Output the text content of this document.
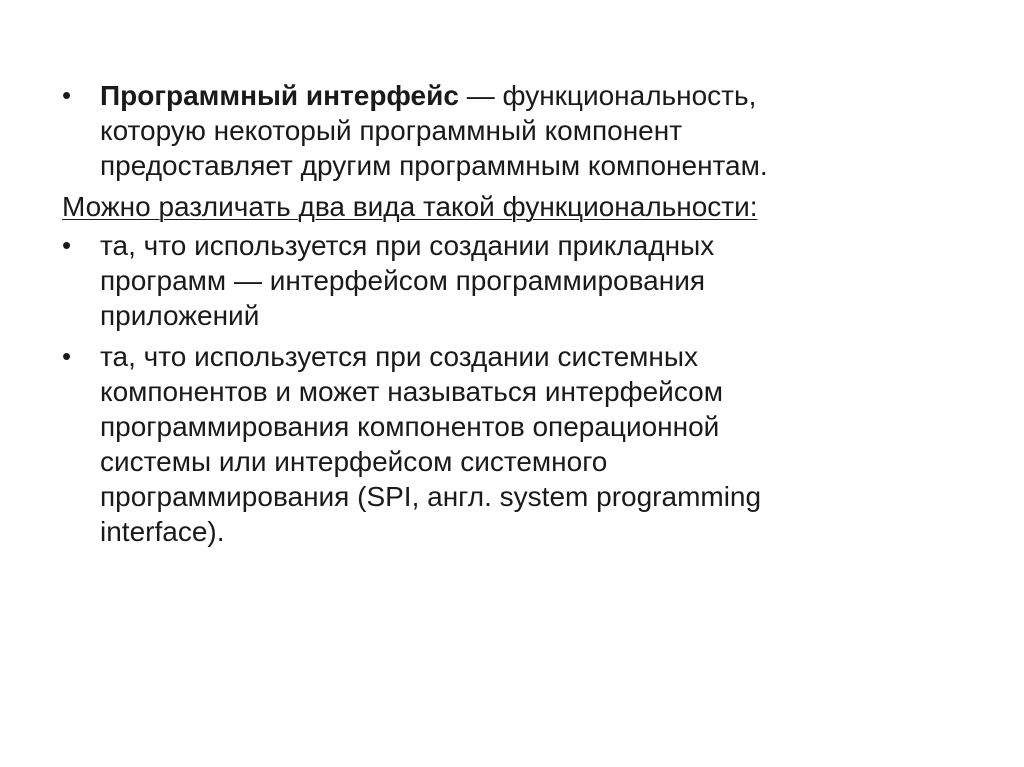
•	Программный интерфейс — функциональность,
которую некоторый программный компонент
предоставляет другим программным компонентам.
Можно различать два вида такой функциональности:
•	та, что используется при создании прикладных
программ — интерфейсом программирования
приложений
•	та, что используется при создании системных
компонентов и может называться интерфейсом
программирования компонентов операционной
системы или интерфейсом системного
программирования (SPI, англ. system programming
interface).
